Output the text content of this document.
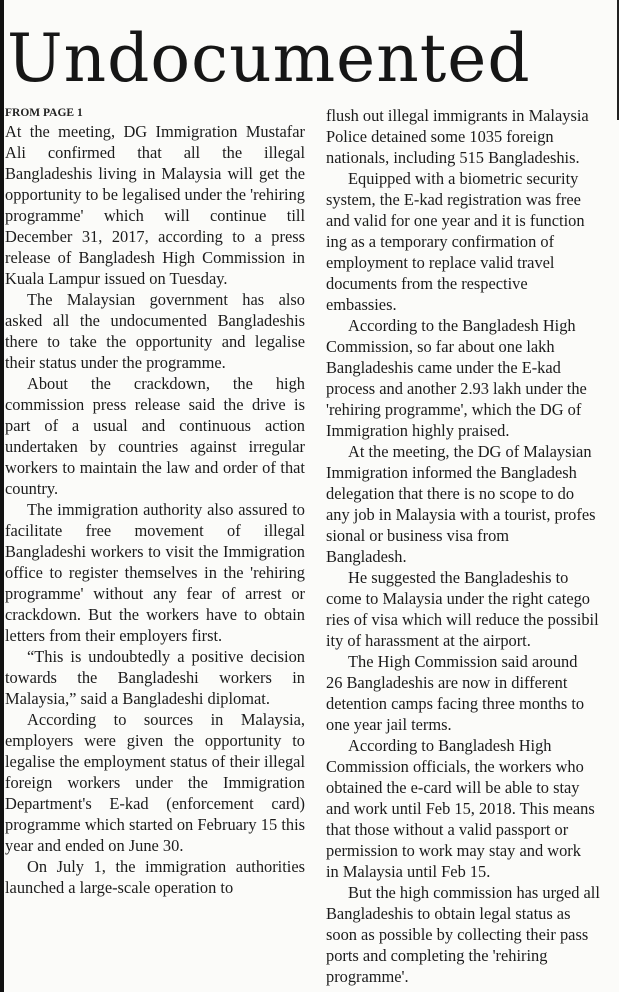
Undocumented
FROM PAGE 1

At the meeting, DG Immigration Mustafar Ali confirmed that all the illegal Bangladeshis living in Malaysia will get the opportunity to be legalised under the 'rehiring programme' which will continue till December 31, 2017, according to a press release of Bangladesh High Commission in Kuala Lampur issued on Tuesday.

The Malaysian government has also asked all the undocumented Bangladeshis there to take the opportunity and legalise their status under the programme.

About the crackdown, the high commission press release said the drive is part of a usual and continuous action undertaken by countries against irregular workers to maintain the law and order of that country.

The immigration authority also assured to facilitate free movement of illegal Bangladeshi workers to visit the Immigration office to register themselves in the 'rehiring programme' without any fear of arrest or crackdown. But the workers have to obtain letters from their employers first.

“This is undoubtedly a positive decision towards the Bangladeshi workers in Malaysia,” said a Bangladeshi diplomat.

According to sources in Malaysia, employers were given the opportunity to legalise the employment status of their illegal foreign workers under the Immigration Department's E-kad (enforcement card) programme which started on February 15 this year and ended on June 30.

On July 1, the immigration authorities launched a large-scale operation to

flush out illegal immigrants in Malaysia

Police detained some 1035 foreign

nationals, including 515 Bangladeshis.

Equipped with a biometric security

system, the E-kad registration was free

and valid for one year and it is function

ing as a temporary confirmation of

employment to replace valid travel

documents from the respective

embassies.

According to the Bangladesh High

Commission, so far about one lakh

Bangladeshis came under the E-kad

process and another 2.93 lakh under the

'rehiring programme', which the DG of

Immigration highly praised.

At the meeting, the DG of Malaysian

Immigration informed the Bangladesh

delegation that there is no scope to do

any job in Malaysia with a tourist, profes

sional or business visa from

Bangladesh.

He suggested the Bangladeshis to

come to Malaysia under the right catego

ries of visa which will reduce the possibil

ity of harassment at the airport.

The High Commission said around

26 Bangladeshis are now in different

detention camps facing three months to

one year jail terms.

According to Bangladesh High

Commission officials, the workers who

obtained the e-card will be able to stay

and work until Feb 15, 2018. This means

that those without a valid passport or

permission to work may stay and work

in Malaysia until Feb 15.

But the high commission has urged all

Bangladeshis to obtain legal status as

soon as possible by collecting their pass

ports and completing the 'rehiring

programme'.
